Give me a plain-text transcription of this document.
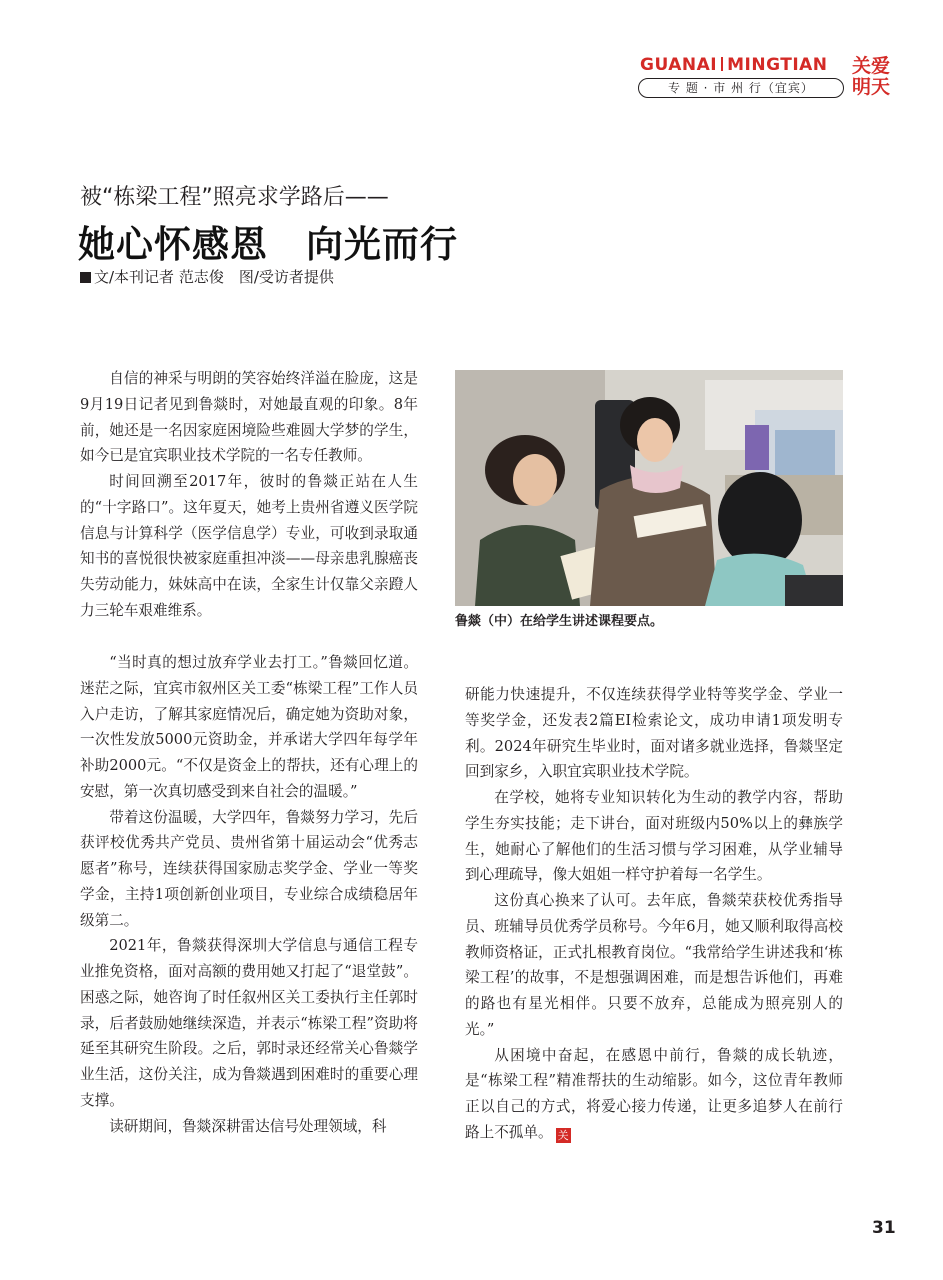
GUANAI MINGTIAN
专 题 · 市 州 行（宜宾）
关爱
明天
被“栋梁工程”照亮求学路后——
她心怀感恩　向光而行
文/本刊记者 范志俊　图/受访者提供

自信的神采与明朗的笑容始终洋溢在脸庞，这是9月19日记者见到鲁燚时，对她最直观的印象。8年前，她还是一名因家庭困境险些难圆大学梦的学生，如今已是宜宾职业技术学院的一名专任教师。

时间回溯至2017年，彼时的鲁燚正站在人生的“十字路口”。这年夏天，她考上贵州省遵义医学院信息与计算科学（医学信息学）专业，可收到录取通知书的喜悦很快被家庭重担冲淡——母亲患乳腺癌丧失劳动能力，妹妹高中在读，全家生计仅靠父亲蹬人力三轮车艰难维系。

鲁燚（中）在给学生讲述课程要点。

“当时真的想过放弃学业去打工。”鲁燚回忆道。迷茫之际，宜宾市叙州区关工委“栋梁工程”工作人员入户走访，了解其家庭情况后，确定她为资助对象，一次性发放5000元资助金，并承诺大学四年每学年补助2000元。“不仅是资金上的帮扶，还有心理上的安慰，第一次真切感受到来自社会的温暖。”

带着这份温暖，大学四年，鲁燚努力学习，先后获评校优秀共产党员、贵州省第十届运动会“优秀志愿者”称号，连续获得国家励志奖学金、学业一等奖学金，主持1项创新创业项目，专业综合成绩稳居年级第二。

2021年，鲁燚获得深圳大学信息与通信工程专业推免资格，面对高额的费用她又打起了“退堂鼓”。困惑之际，她咨询了时任叙州区关工委执行主任郭时录，后者鼓励她继续深造，并表示“栋梁工程”资助将延至其研究生阶段。之后，郭时录还经常关心鲁燚学业生活，这份关注，成为鲁燚遇到困难时的重要心理支撑。

读研期间，鲁燚深耕雷达信号处理领域，科

研能力快速提升，不仅连续获得学业特等奖学金、学业一等奖学金，还发表2篇EI检索论文，成功申请1项发明专利。2024年研究生毕业时，面对诸多就业选择，鲁燚坚定回到家乡，入职宜宾职业技术学院。

在学校，她将专业知识转化为生动的教学内容，帮助学生夯实技能；走下讲台，面对班级内50%以上的彝族学生，她耐心了解他们的生活习惯与学习困难，从学业辅导到心理疏导，像大姐姐一样守护着每一名学生。

这份真心换来了认可。去年底，鲁燚荣获校优秀指导员、班辅导员优秀学员称号。今年6月，她又顺利取得高校教师资格证，正式扎根教育岗位。“我常给学生讲述我和‘栋梁工程’的故事，不是想强调困难，而是想告诉他们，再难的路也有星光相伴。只要不放弃，总能成为照亮别人的光。”

从困境中奋起，在感恩中前行，鲁燚的成长轨迹，是“栋梁工程”精准帮扶的生动缩影。如今，这位青年教师正以自己的方式，将爱心接力传递，让更多追梦人在前行路上不孤单。 关

31
